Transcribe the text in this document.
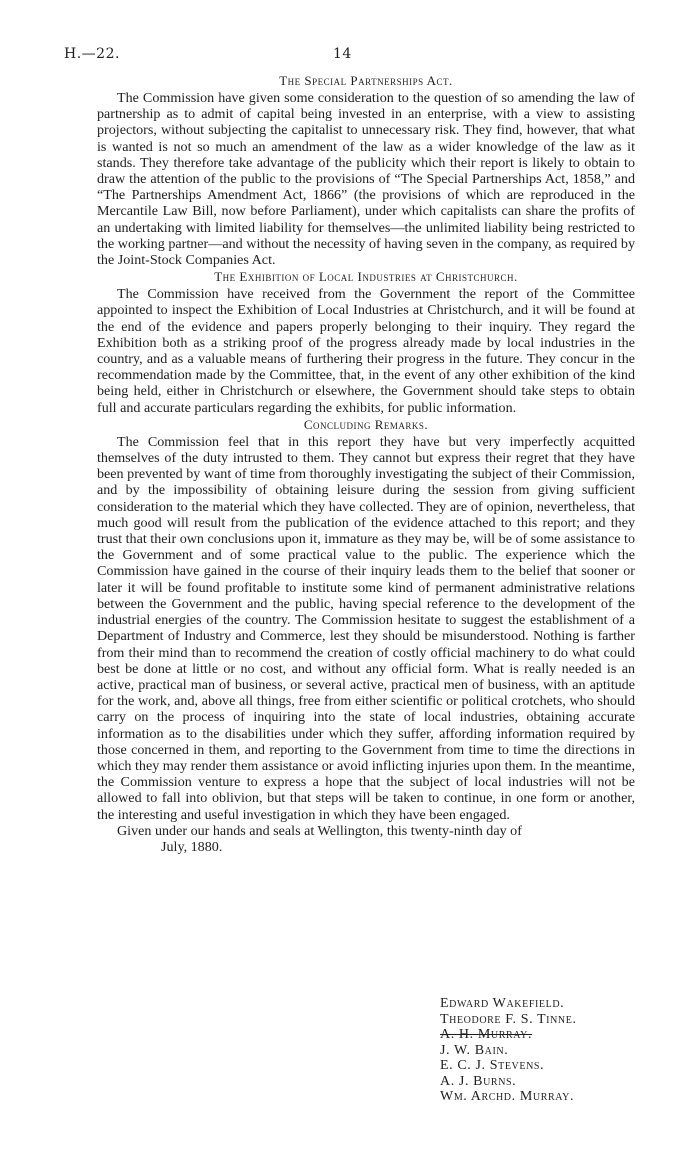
H.—22.	14
The Special Partnerships Act.

The Commission have given some consideration to the question of so amending the law of partnership as to admit of capital being invested in an enterprise, with a view to assisting projectors, without subjecting the capitalist to unnecessary risk. They find, however, that what is wanted is not so much an amendment of the law as a wider knowledge of the law as it stands. They therefore take advantage of the publicity which their report is likely to obtain to draw the attention of the public to the provisions of “The Special Partnerships Act, 1858,” and “The Partnerships Amendment Act, 1866” (the provisions of which are reproduced in the Mercantile Law Bill, now before Parliament), under which capitalists can share the profits of an undertaking with limited liability for themselves—the unlimited liability being restricted to the working partner—and without the necessity of having seven in the company, as required by the Joint-Stock Companies Act.

The Exhibition of Local Industries at Christchurch.

The Commission have received from the Government the report of the Committee appointed to inspect the Exhibition of Local Industries at Christchurch, and it will be found at the end of the evidence and papers properly belonging to their inquiry. They regard the Exhibition both as a striking proof of the progress already made by local industries in the country, and as a valuable means of furthering their progress in the future. They concur in the recommendation made by the Committee, that, in the event of any other exhibition of the kind being held, either in Christchurch or elsewhere, the Government should take steps to obtain full and accurate particulars regarding the exhibits, for public information.

Concluding Remarks.

The Commission feel that in this report they have but very imperfectly acquitted themselves of the duty intrusted to them. They cannot but express their regret that they have been prevented by want of time from thoroughly investigating the subject of their Commission, and by the impossibility of obtaining leisure during the session from giving sufficient consideration to the material which they have collected. They are of opinion, nevertheless, that much good will result from the publication of the evidence attached to this report; and they trust that their own conclusions upon it, immature as they may be, will be of some assistance to the Government and of some practical value to the public. The experience which the Commission have gained in the course of their inquiry leads them to the belief that sooner or later it will be found profitable to institute some kind of permanent administrative relations between the Government and the public, having special reference to the development of the industrial energies of the country. The Commission hesitate to suggest the establishment of a Department of Industry and Commerce, lest they should be misunderstood. Nothing is farther from their mind than to recommend the creation of costly official machinery to do what could best be done at little or no cost, and without any official form. What is really needed is an active, practical man of business, or several active, practical men of business, with an aptitude for the work, and, above all things, free from either scientific or political crotchets, who should carry on the process of inquiring into the state of local industries, obtaining accurate information as to the disabilities under which they suffer, affording information required by those concerned in them, and reporting to the Government from time to time the directions in which they may render them assistance or avoid inflicting injuries upon them. In the meantime, the Commission venture to express a hope that the subject of local industries will not be allowed to fall into oblivion, but that steps will be taken to continue, in one form or another, the interesting and useful investigation in which they have been engaged.

Given under our hands and seals at Wellington, this twenty-ninth day of

July, 1880.

Edward Wakefield.
Theodore F. S. Tinne.
A. H. Murray.
J. W. Bain.
E. C. J. Stevens.
A. J. Burns.
Wm. Archd. Murray.
